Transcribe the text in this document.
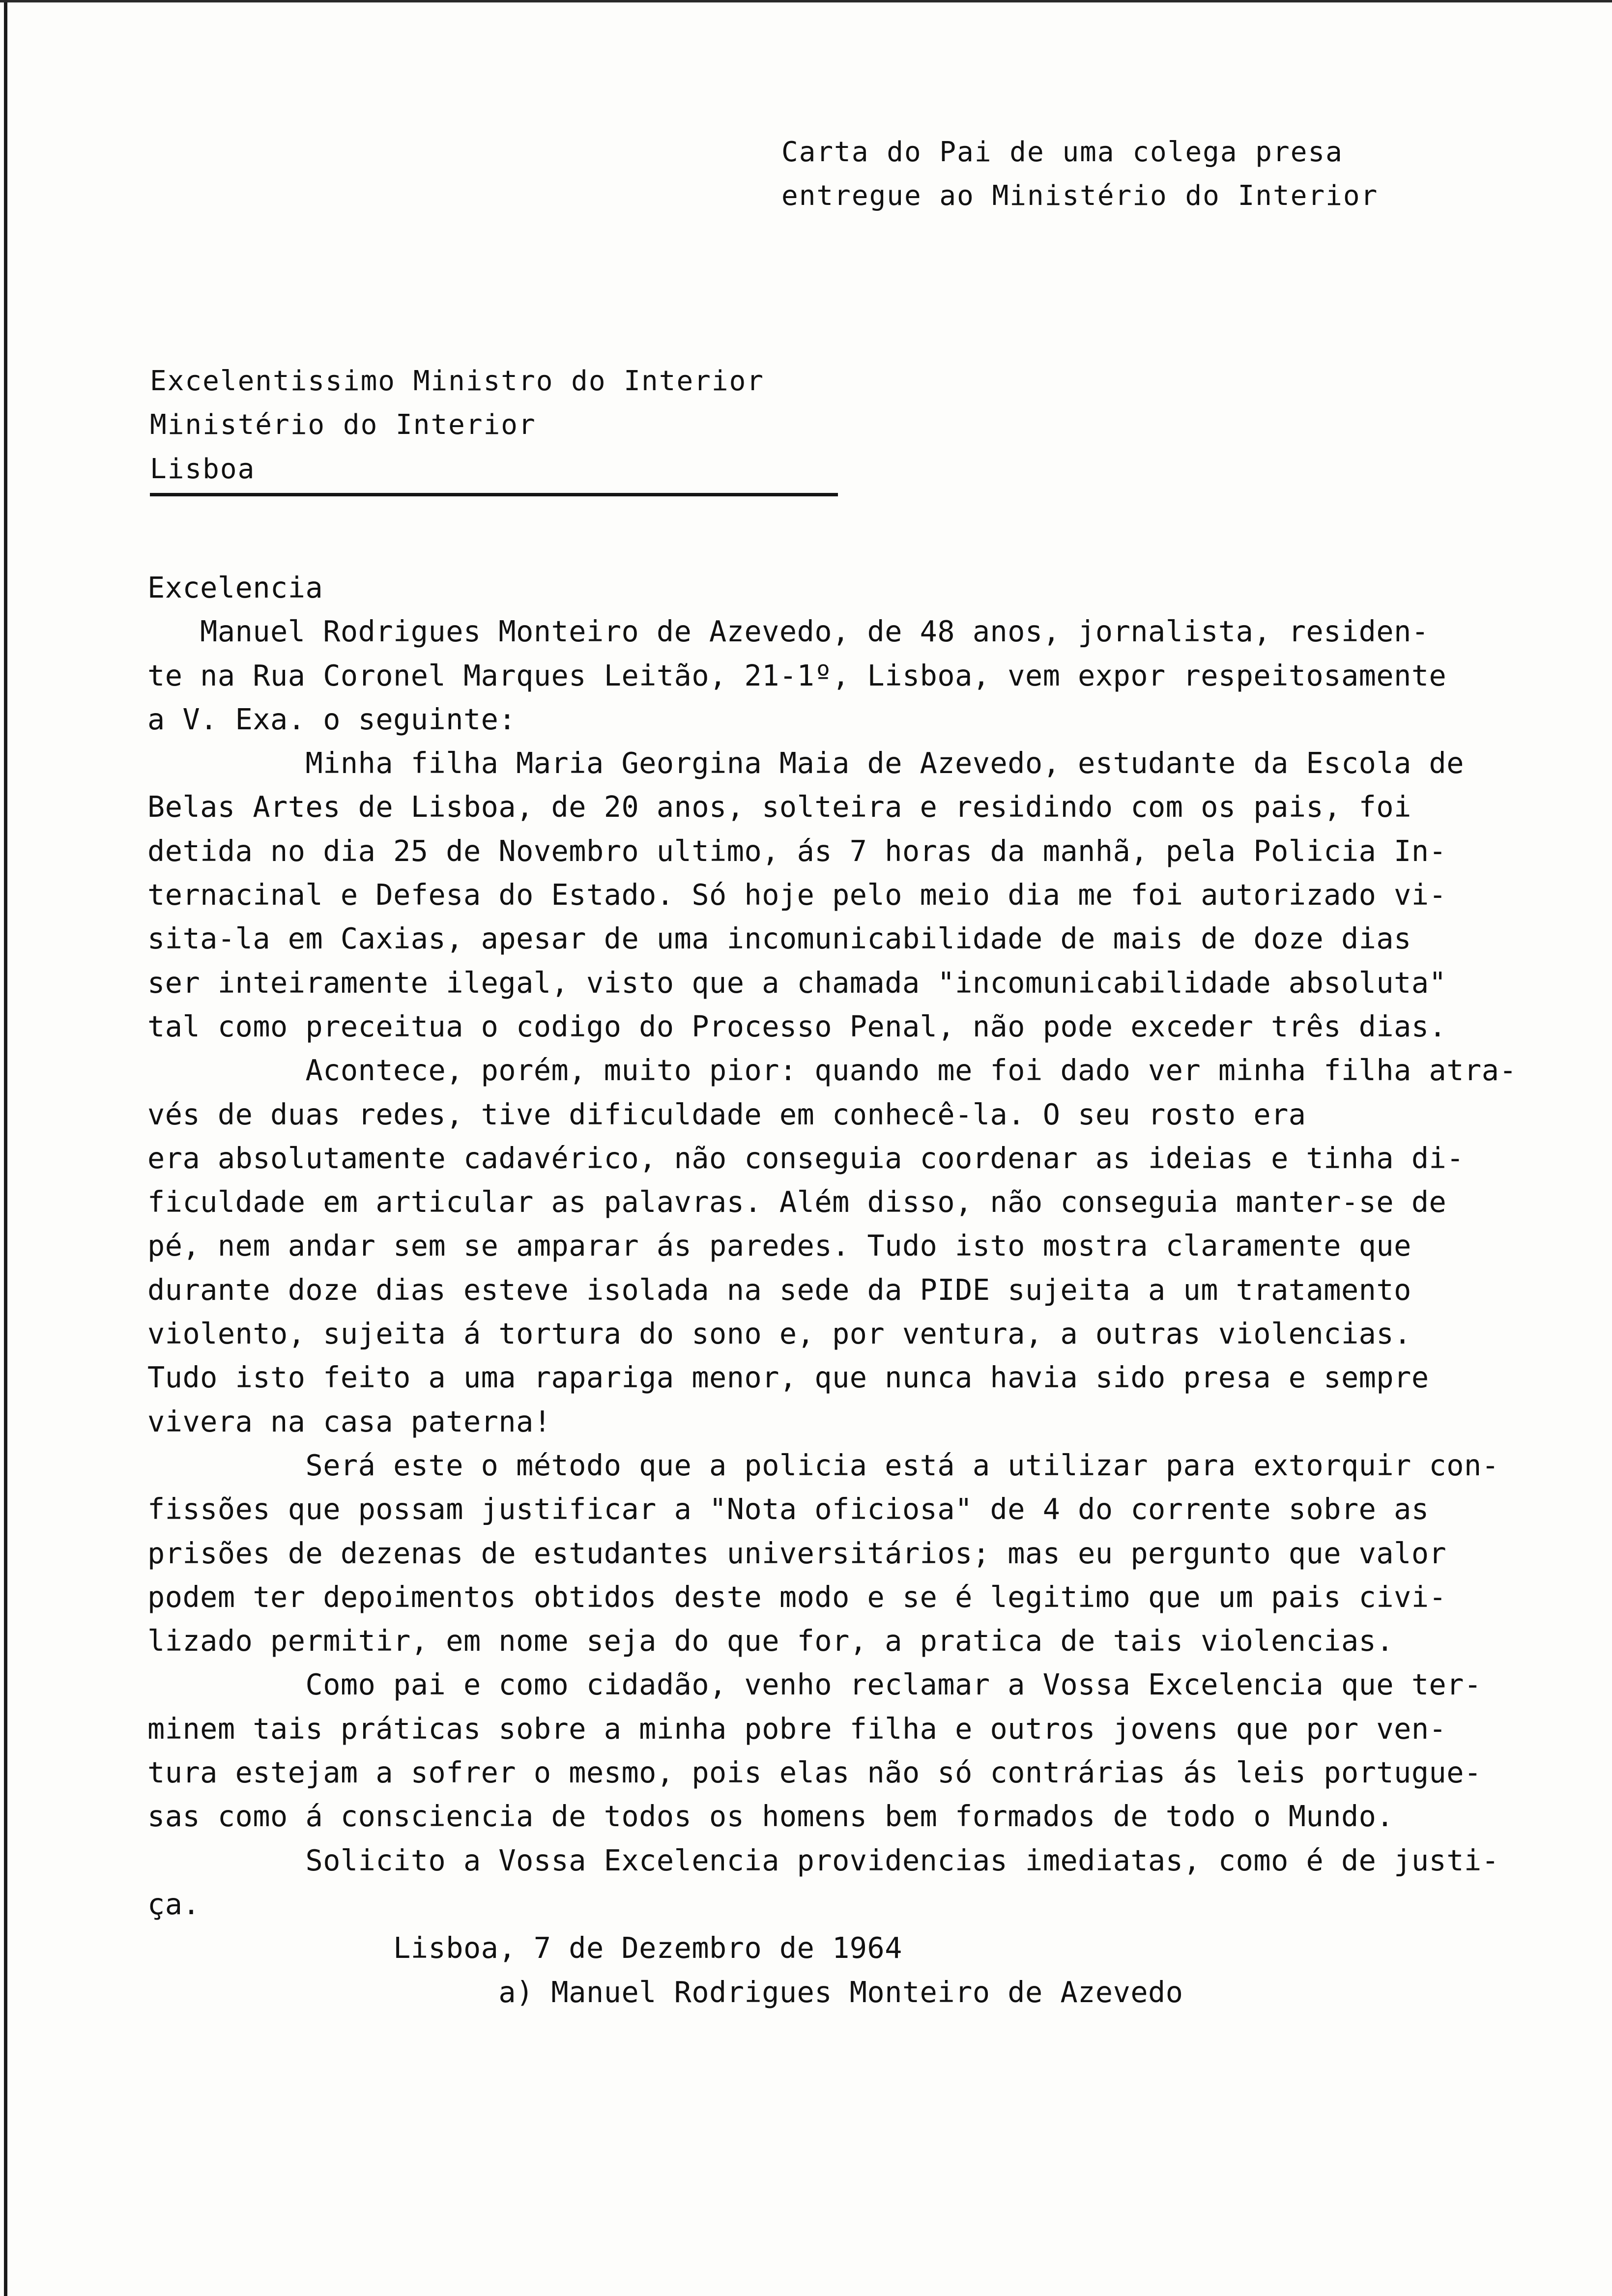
Carta do Pai de uma colega presa
entregue ao Ministério do Interior
Excelentissimo Ministro do Interior
Ministério do Interior
Lisboa
Excelencia
Manuel Rodrigues Monteiro de Azevedo, de 48 anos, jornalista, residen-
te na Rua Coronel Marques Leitão, 21-1º, Lisboa, vem expor respeitosamente
a V. Exa. o seguinte:
Minha filha Maria Georgina Maia de Azevedo, estudante da Escola de
Belas Artes de Lisboa, de 20 anos, solteira e residindo com os pais, foi
detida no dia 25 de Novembro ultimo, ás 7 horas da manhã, pela Policia In-
ternacinal e Defesa do Estado. Só hoje pelo meio dia me foi autorizado vi-
sita-la em Caxias, apesar de uma incomunicabilidade de mais de doze dias
ser inteiramente ilegal, visto que a chamada "incomunicabilidade absoluta"
tal como preceitua o codigo do Processo Penal, não pode exceder três dias.
Acontece, porém, muito pior: quando me foi dado ver minha filha atra-
vés de duas redes, tive dificuldade em conhecê-la. O seu rosto era
era absolutamente cadavérico, não conseguia coordenar as ideias e tinha di-
ficuldade em articular as palavras. Além disso, não conseguia manter-se de
pé, nem andar sem se amparar ás paredes. Tudo isto mostra claramente que
durante doze dias esteve isolada na sede da PIDE sujeita a um tratamento
violento, sujeita á tortura do sono e, por ventura, a outras violencias.
Tudo isto feito a uma rapariga menor, que nunca havia sido presa e sempre
vivera na casa paterna!
Será este o método que a policia está a utilizar para extorquir con-
fissões que possam justificar a "Nota oficiosa" de 4 do corrente sobre as
prisões de dezenas de estudantes universitários; mas eu pergunto que valor
podem ter depoimentos obtidos deste modo e se é legitimo que um pais civi-
lizado permitir, em nome seja do que for, a pratica de tais violencias.
Como pai e como cidadão, venho reclamar a Vossa Excelencia que ter-
minem tais práticas sobre a minha pobre filha e outros jovens que por ven-
tura estejam a sofrer o mesmo, pois elas não só contrárias ás leis portugue-
sas como á consciencia de todos os homens bem formados de todo o Mundo.
Solicito a Vossa Excelencia providencias imediatas, como é de justi-
ça.
Lisboa, 7 de Dezembro de 1964
a) Manuel Rodrigues Monteiro de Azevedo
